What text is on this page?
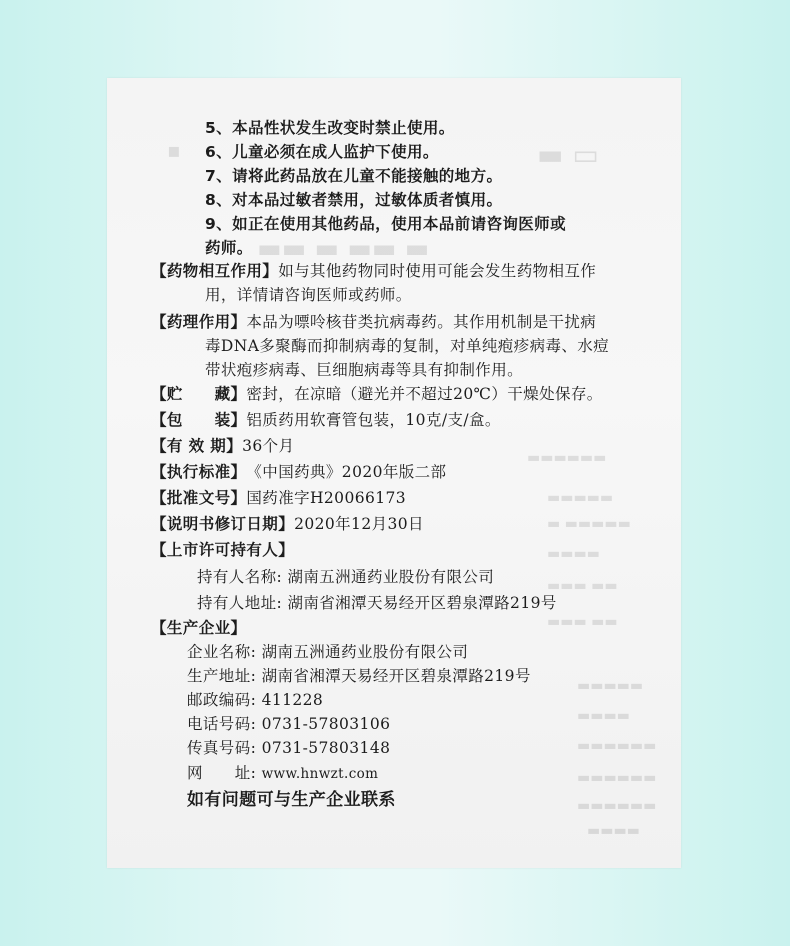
▬ ▭
▪
▬▬ ▬ ▬▬ ▬
▬▬▬▬▬▬
▬▬▬▬▬
▬ ▬▬▬▬▬
▬▬▬▬
▬▬▬ ▬▬
▬▬▬ ▬▬
▬▬▬▬▬
▬▬▬▬
▬▬▬▬▬▬
▬▬▬▬▬▬
▬▬▬▬▬▬
▬▬▬▬
5、本品性状发生改变时禁止使用。
6、儿童必须在成人监护下使用。
7、请将此药品放在儿童不能接触的地方。
8、对本品过敏者禁用，过敏体质者慎用。
9、如正在使用其他药品，使用本品前请咨询医师或
药师。
【药物相互作用】如与其他药物同时使用可能会发生药物相互作
用，详情请咨询医师或药师。
【药理作用】本品为嘌呤核苷类抗病毒药。其作用机制是干扰病
毒DNA多聚酶而抑制病毒的复制，对单纯疱疹病毒、水痘
带状疱疹病毒、巨细胞病毒等具有抑制作用。
【贮　　藏】密封，在凉暗（避光并不超过20℃）干燥处保存。
【包　　装】铝质药用软膏管包装，10克/支/盒。
【有 效 期】36个月
【执行标准】《中国药典》2020年版二部
【批准文号】国药准字H20066173
【说明书修订日期】2020年12月30日
【上市许可持有人】
持有人名称: 湖南五洲通药业股份有限公司
持有人地址: 湖南省湘潭天易经开区碧泉潭路219号
【生产企业】
企业名称: 湖南五洲通药业股份有限公司
生产地址: 湖南省湘潭天易经开区碧泉潭路219号
邮政编码: 411228
电话号码: 0731-57803106
传真号码: 0731-57803148
网　　址: www.hnwzt.com
如有问题可与生产企业联系
